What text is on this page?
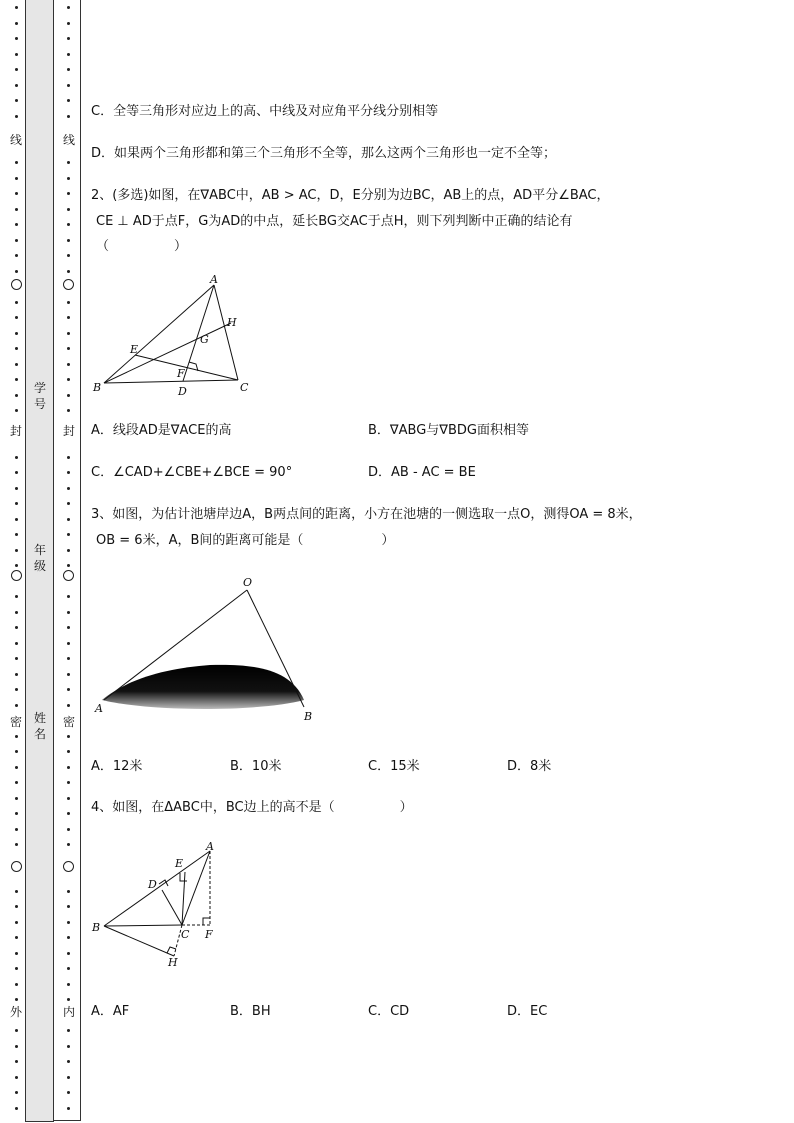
线
封
密
外
线
封
密
内
学号
年级
姓名
C．全等三角形对应边上的高、中线及对应角平分线分别相等
D．如果两个三角形都和第三个三角形不全等，那么这两个三角形也一定不全等；
2、(多选)如图，在∇ABC中，AB > AC，D，E分别为边BC，AB上的点，AD平分∠BAC，
CE ⊥ AD于点F，G为AD的中点，延长BG交AC于点H，则下列判断中正确的结论有
（　　　　　）
A
B	C
D
E
F
G
H
A．线段AD是∇ACE的高	B．∇ABG与∇BDG面积相等
C．∠CAD+∠CBE+∠BCE = 90°	D．AB - AC = BE
3、如图，为估计池塘岸边A，B两点间的距离，小方在池塘的一侧选取一点O，测得OA = 8米，
OB = 6米，A，B间的距离可能是（　　　　　　）
O
A
B
A．12米	B．10米	C．15米	D．8米
4、如图，在ΔABC中，BC边上的高不是（　　　　　）
A
B
C
D
E
F
H
A．AF	B．BH	C．CD	D．EC
